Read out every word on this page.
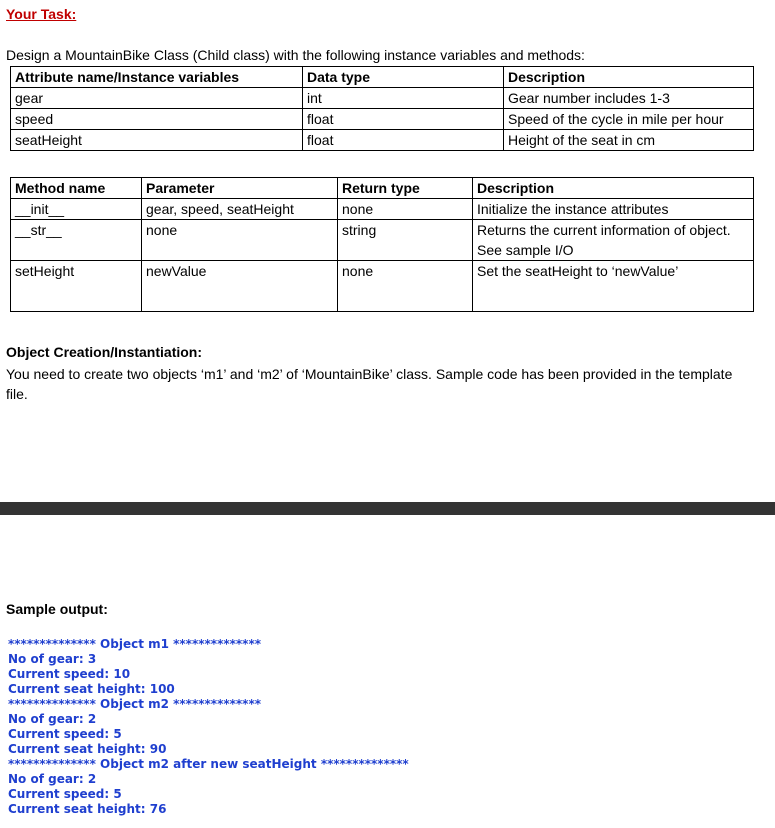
Your Task:
Design a MountainBike Class (Child class) with the following instance variables and methods:
Attribute name/Instance variables	Data type	Description
gear	int	Gear number includes 1-3
speed	float	Speed of the cycle in mile per hour
seatHeight	float	Height of the seat in cm
Method name	Parameter	Return type	Description
__init__	gear, speed, seatHeight	none	Initialize the instance attributes
__str__	none	string	Returns the current information of object. See sample I/O
setHeight	newValue	none	Set the seatHeight to ‘newValue’
Object Creation/Instantiation:
You need to create two objects ‘m1’ and ‘m2’ of ‘MountainBike’ class. Sample code has been provided in the template file.
Sample output:
************** Object m1 **************
No of gear: 3
Current speed: 10
Current seat height: 100
************** Object m2 **************
No of gear: 2
Current speed: 5
Current seat height: 90
************** Object m2 after new seatHeight **************
No of gear: 2
Current speed: 5
Current seat height: 76
